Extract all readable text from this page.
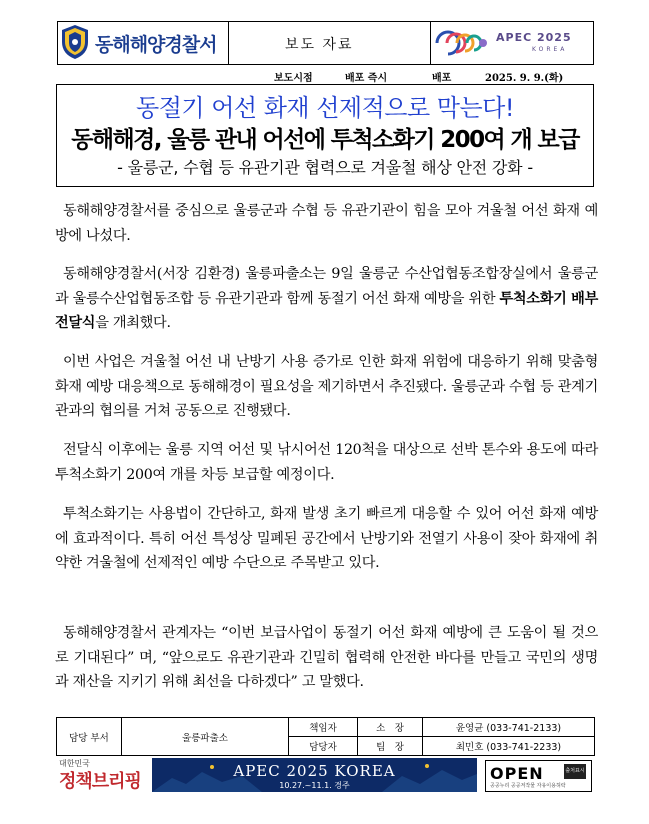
동해해양경찰서	보도 자료	APEC 2025
KOREA
보도시점	배포 즉시	배포	2025. 9. 9.(화)
동절기 어선 화재 선제적으로 막는다!
동해해경, 울릉 관내 어선에 투척소화기 200여 개 보급
- 울릉군, 수협 등 유관기관 협력으로 겨울철 해상 안전 강화 -

동해해양경찰서를 중심으로 울릉군과 수협 등 유관기관이 힘을 모아 겨울철 어선 화재 예방에 나섰다.

동해해양경찰서(서장 김환경) 울릉파출소는 9일 울릉군 수산업협동조합장실에서 울릉군과 울릉수산업협동조합 등 유관기관과 함께 동절기 어선 화재 예방을 위한 투척소화기 배부 전달식을 개최했다.

이번 사업은 겨울철 어선 내 난방기 사용 증가로 인한 화재 위험에 대응하기 위해 맞춤형 화재 예방 대응책으로 동해해경이 필요성을 제기하면서 추진됐다. 울릉군과 수협 등 관계기관과의 협의를 거쳐 공동으로 진행됐다.

전달식 이후에는 울릉 지역 어선 및 낚시어선 120척을 대상으로 선박 톤수와 용도에 따라 투척소화기 200여 개를 차등 보급할 예정이다.

투척소화기는 사용법이 간단하고, 화재 발생 초기 빠르게 대응할 수 있어 어선 화재 예방에 효과적이다. 특히 어선 특성상 밀폐된 공간에서 난방기와 전열기 사용이 잦아 화재에 취약한 겨울철에 선제적인 예방 수단으로 주목받고 있다.

동해해양경찰서 관계자는 “이번 보급사업이 동절기 어선 화재 예방에 큰 도움이 될 것으로 기대된다” 며, “앞으로도 유관기관과 긴밀히 협력해 안전한 바다를 만들고 국민의 생명과 재산을 지키기 위해 최선을 다하겠다” 고 말했다.

담당 부서	울릉파출소	책임자	소　장	윤영균 (033-741-2133)
		담당자	팀　장	최민호 (033-741-2233)
대한민국
정책브리핑	APEC 2025 KOREA
10.27.~11.1. 경주
OPEN	출처표시
공공누리 공공저작물 자유이용허락
